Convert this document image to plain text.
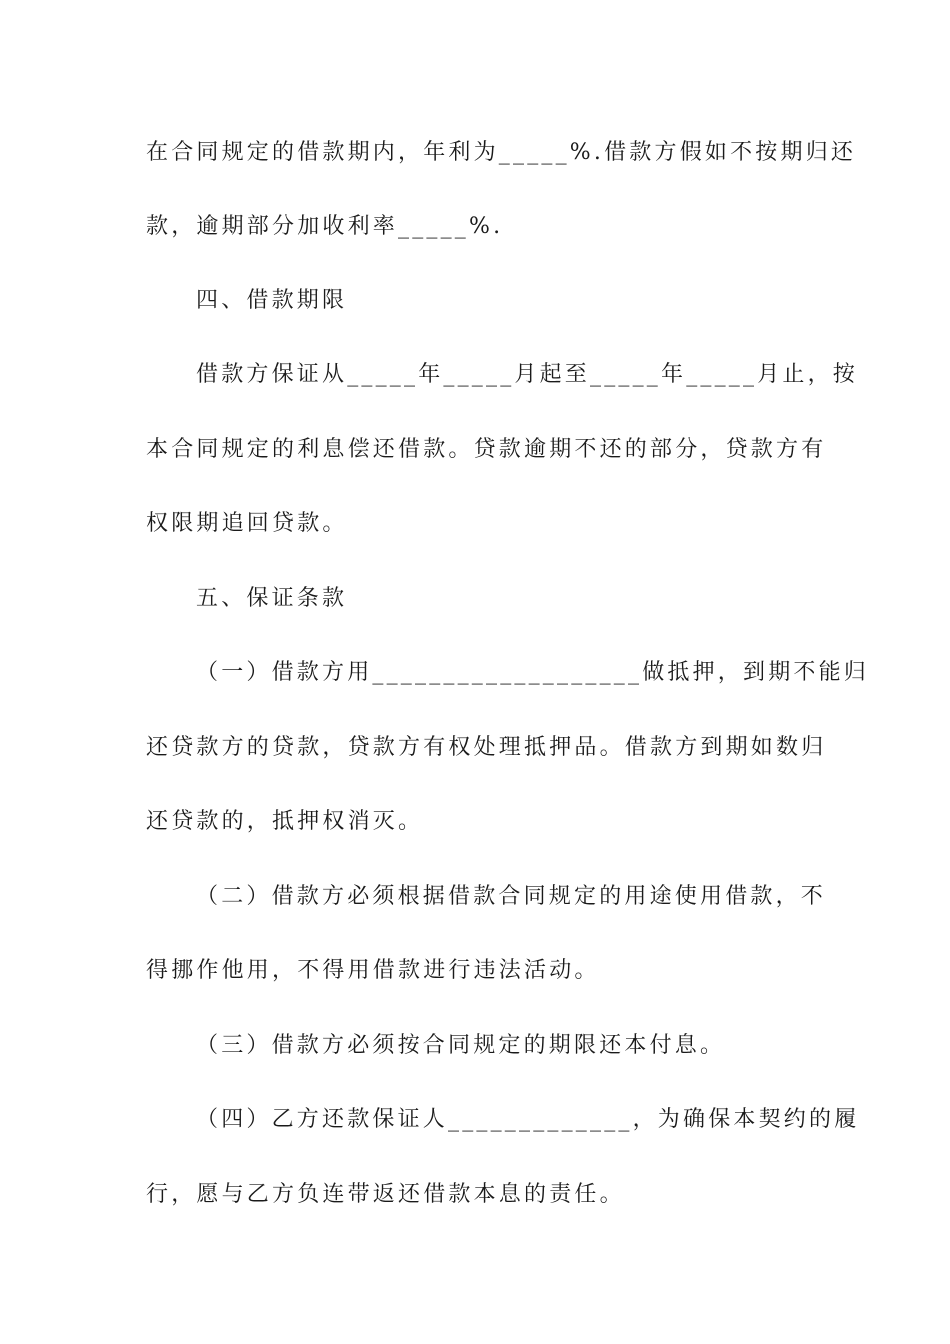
在合同规定的借款期内，年利为_____%.借款方假如不按期归还
款，逾期部分加收利率_____%.
四、借款期限
借款方保证从_____年_____月起至_____年_____月止，按
本合同规定的利息偿还借款。贷款逾期不还的部分，贷款方有
权限期追回贷款。
五、保证条款
（一）借款方用___________________做抵押，到期不能归
还贷款方的贷款，贷款方有权处理抵押品。借款方到期如数归
还贷款的，抵押权消灭。
（二）借款方必须根据借款合同规定的用途使用借款，不
得挪作他用，不得用借款进行违法活动。
（三）借款方必须按合同规定的期限还本付息。
（四）乙方还款保证人_____________，为确保本契约的履
行，愿与乙方负连带返还借款本息的责任。
